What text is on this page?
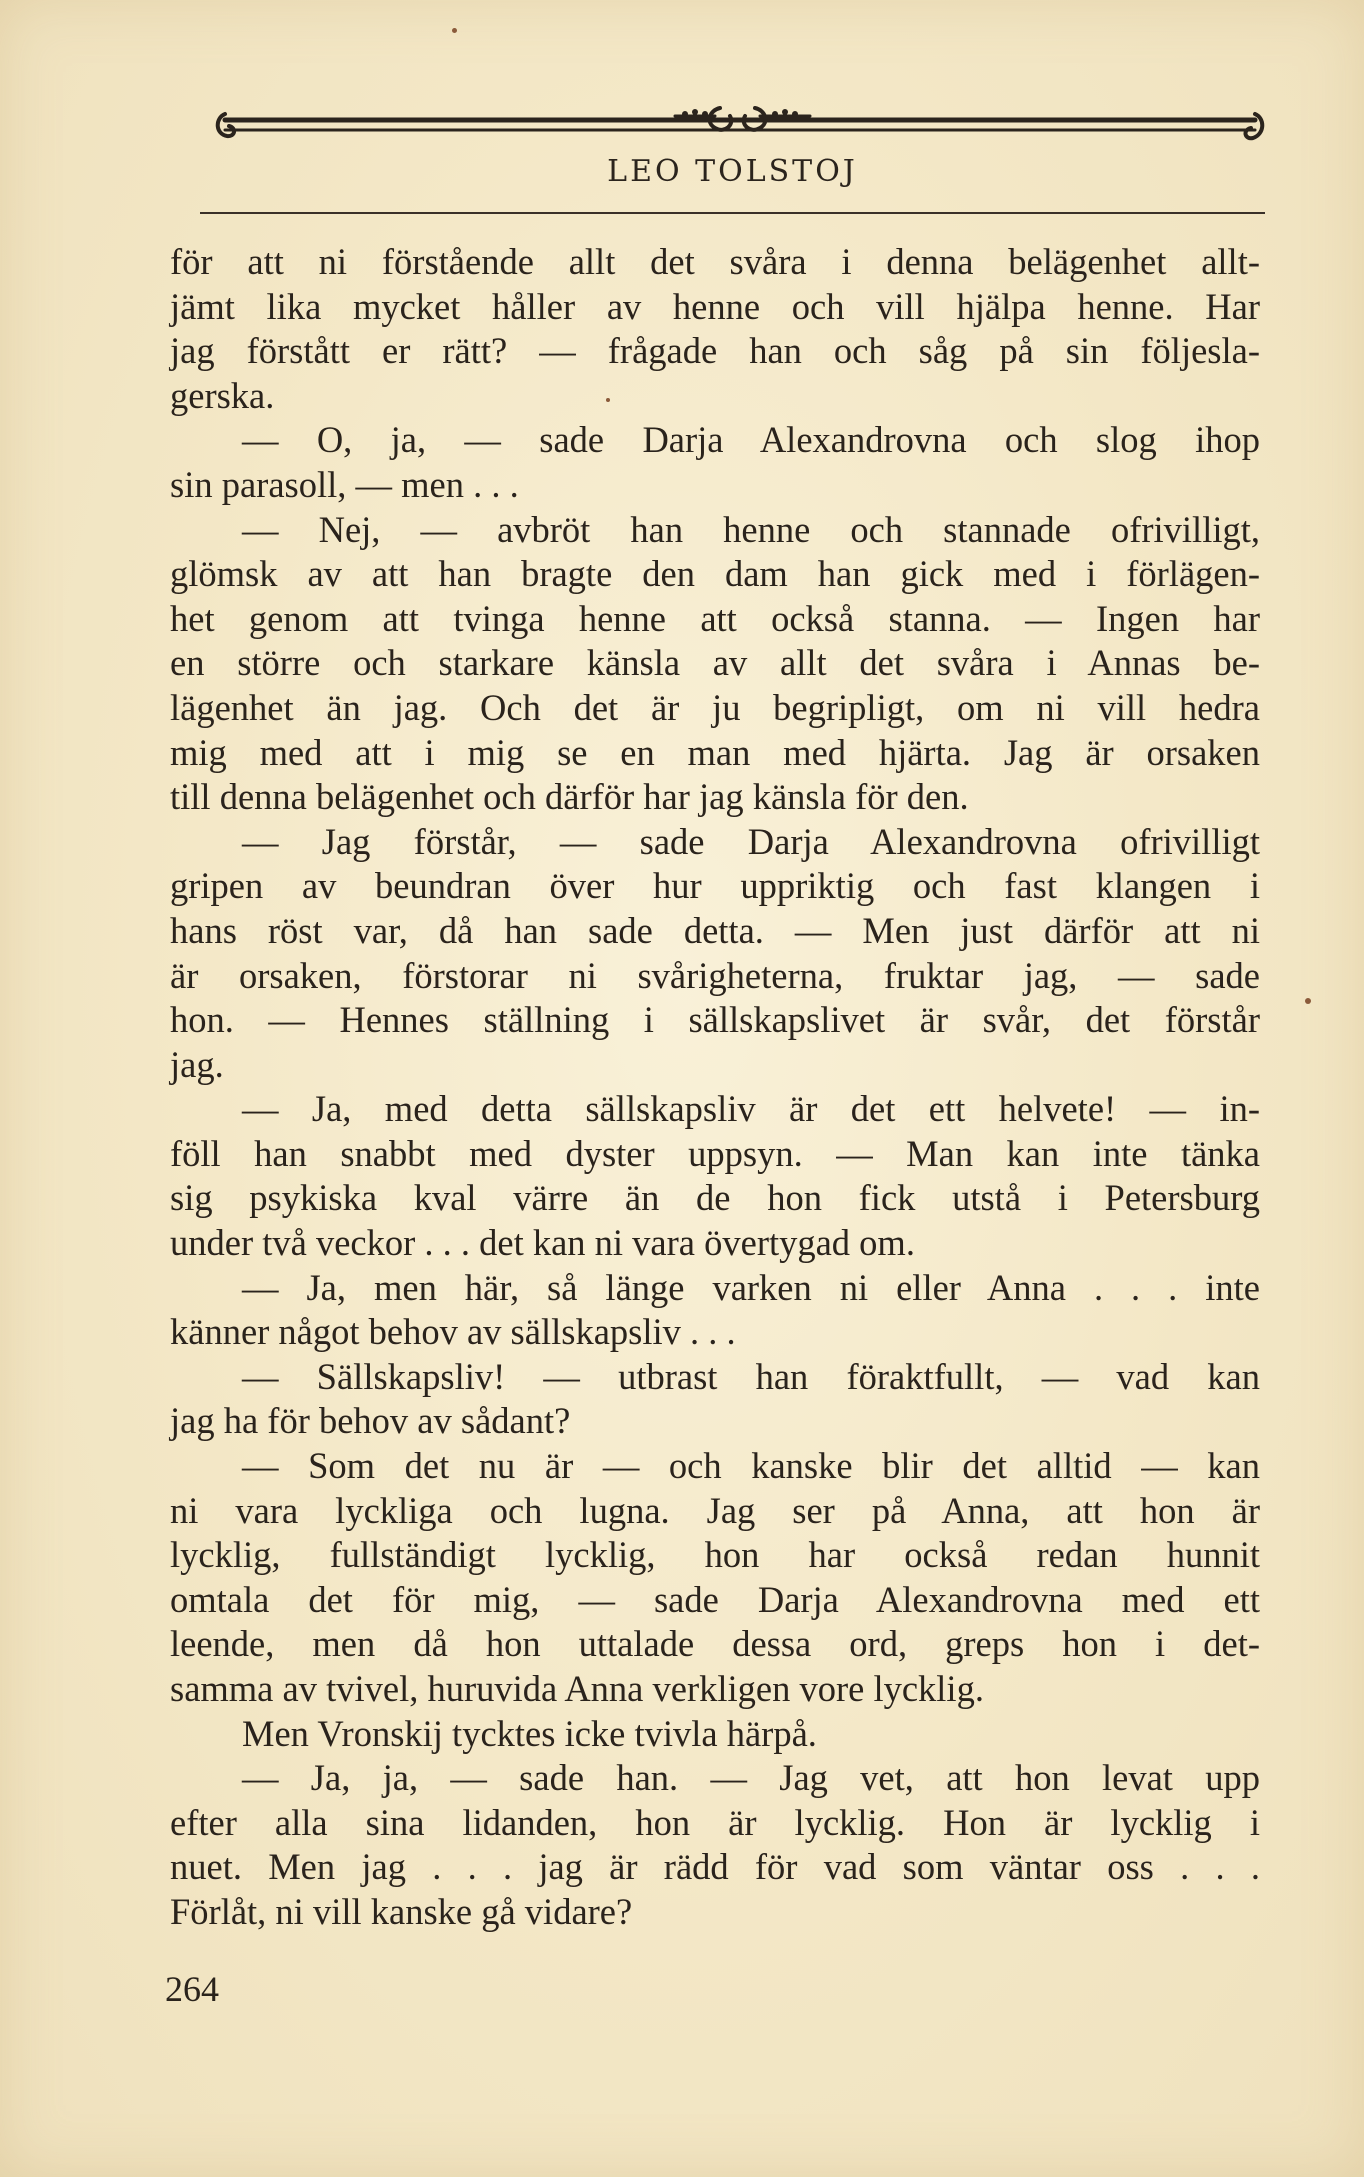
LEO TOLSTOJ
för att ni förstående allt det svåra i denna belägenhet allt-
jämt lika mycket håller av henne och vill hjälpa henne. Har
jag förstått er rätt? — frågade han och såg på sin följesla-
gerska.
— O, ja, — sade Darja Alexandrovna och slog ihop
sin parasoll, — men . . .
— Nej, — avbröt han henne och stannade ofrivilligt,
glömsk av att han bragte den dam han gick med i förlägen-
het genom att tvinga henne att också stanna. — Ingen har
en större och starkare känsla av allt det svåra i Annas be-
lägenhet än jag. Och det är ju begripligt, om ni vill hedra
mig med att i mig se en man med hjärta. Jag är orsaken
till denna belägenhet och därför har jag känsla för den.
— Jag förstår, — sade Darja Alexandrovna ofrivilligt
gripen av beundran över hur uppriktig och fast klangen i
hans röst var, då han sade detta. — Men just därför att ni
är orsaken, förstorar ni svårigheterna, fruktar jag, — sade
hon. — Hennes ställning i sällskapslivet är svår, det förstår
jag.
— Ja, med detta sällskapsliv är det ett helvete! — in-
föll han snabbt med dyster uppsyn. — Man kan inte tänka
sig psykiska kval värre än de hon fick utstå i Petersburg
under två veckor . . . det kan ni vara övertygad om.
— Ja, men här, så länge varken ni eller Anna . . . inte
känner något behov av sällskapsliv . . .
— Sällskapsliv! — utbrast han föraktfullt, — vad kan
jag ha för behov av sådant?
— Som det nu är — och kanske blir det alltid — kan
ni vara lyckliga och lugna. Jag ser på Anna, att hon är
lycklig, fullständigt lycklig, hon har också redan hunnit
omtala det för mig, — sade Darja Alexandrovna med ett
leende, men då hon uttalade dessa ord, greps hon i det-
samma av tvivel, huruvida Anna verkligen vore lycklig.
Men Vronskij tycktes icke tvivla härpå.
— Ja, ja, — sade han. — Jag vet, att hon levat upp
efter alla sina lidanden, hon är lycklig. Hon är lycklig i
nuet. Men jag . . . jag är rädd för vad som väntar oss . . .
Förlåt, ni vill kanske gå vidare?
264
